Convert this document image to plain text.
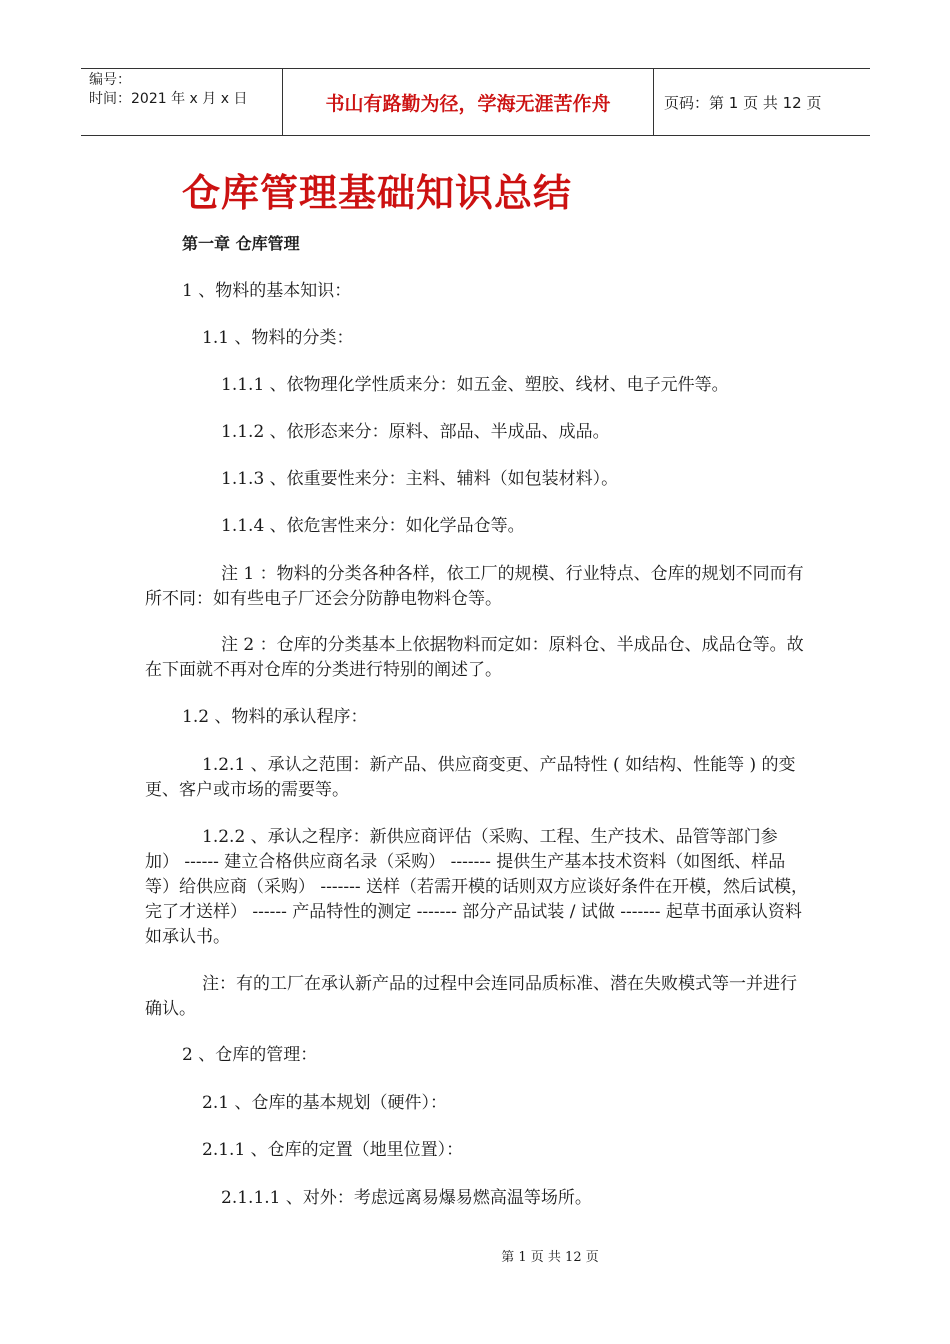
编号：
时间：2021 年 x 月 x 日	书山有路勤为径，学海无涯苦作舟	页码：第 1 页 共 12 页
仓库管理基础知识总结
第一章 仓库管理
1 、物料的基本知识：
1.1 、物料的分类：
1.1.1 、依物理化学性质来分：如五金、塑胶、线材、电子元件等。
1.1.2 、依形态来分：原料、部品、半成品、成品。
1.1.3 、依重要性来分：主料、辅料（如包装材料）。
1.1.4 、依危害性来分：如化学品仓等。
注 1 ：物料的分类各种各样，依工厂的规模、行业特点、仓库的规划不同而有所不同：如有些电子厂还会分防静电物料仓等。
注 2 ：仓库的分类基本上依据物料而定如：原料仓、半成品仓、成品仓等。故在下面就不再对仓库的分类进行特别的阐述了。
1.2 、物料的承认程序：
1.2.1 、承认之范围：新产品、供应商变更、产品特性 ( 如结构、性能等 ) 的变更、客户或市场的需要等。
1.2.2 、承认之程序：新供应商评估（采购、工程、生产技术、品管等部门参加） ------ 建立合格供应商名录（采购） ------- 提供生产基本技术资料（如图纸、样品等）给供应商（采购） ------- 送样（若需开模的话则双方应谈好条件在开模，然后试模，完了才送样） ------ 产品特性的测定 ------- 部分产品试装 / 试做 ------- 起草书面承认资料如承认书。
注：有的工厂在承认新产品的过程中会连同品质标准、潜在失败模式等一并进行确认。
2 、仓库的管理：
2.1 、仓库的基本规划（硬件）：
2.1.1 、仓库的定置（地里位置）：
2.1.1.1 、对外：考虑远离易爆易燃高温等场所。
第 1 页 共 12 页
